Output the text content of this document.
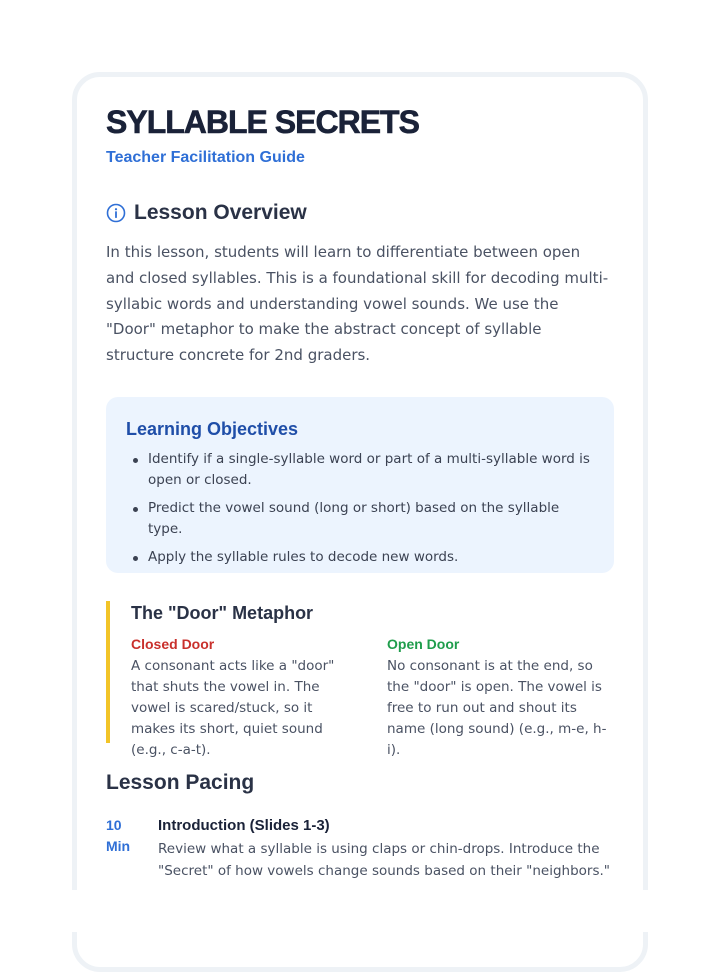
SYLLABLE SECRETS
Teacher Facilitation Guide
Lesson Overview

In this lesson, students will learn to differentiate between open and closed syllables. This is a foundational skill for decoding multi-syllabic words and understanding vowel sounds. We use the "Door" metaphor to make the abstract concept of syllable structure concrete for 2nd graders.

Learning Objectives
Identify if a single-syllable word or part of a multi-syllable word is open or closed.
Predict the vowel sound (long or short) based on the syllable type.
Apply the syllable rules to decode new words.
The "Door" Metaphor
Closed Door

A consonant acts like a "door" that shuts the vowel in. The vowel is scared/stuck, so it makes its short, quiet sound (e.g., c-a-t).

Open Door

No consonant is at the end, so the "door" is open. The vowel is free to run out and shout its name (long sound) (e.g., m-e, h-i).

Lesson Pacing
10
Min
Introduction (Slides 1-3)

Review what a syllable is using claps or chin-drops. Introduce the "Secret" of how vowels change sounds based on their "neighbors."
